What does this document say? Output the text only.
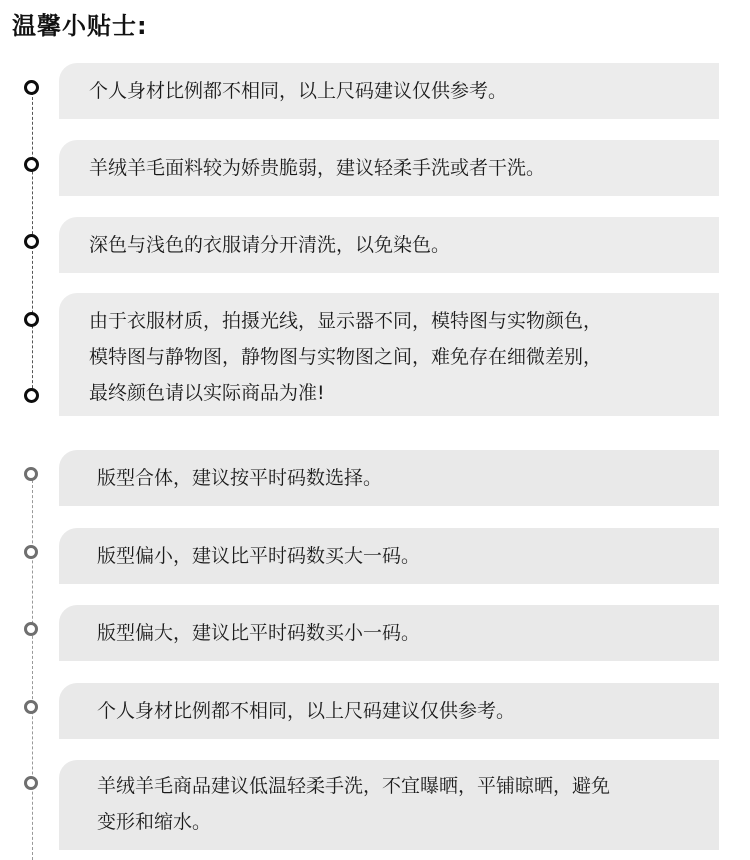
温馨小贴士:
个人身材比例都不相同，以上尺码建议仅供参考。
羊绒羊毛面料较为娇贵脆弱，建议轻柔手洗或者干洗。
深色与浅色的衣服请分开清洗，以免染色。
由于衣服材质，拍摄光线，显示器不同，模特图与实物颜色，
模特图与静物图，静物图与实物图之间，难免存在细微差别，
最终颜色请以实际商品为准!
版型合体，建议按平时码数选择。
版型偏小，建议比平时码数买大一码。
版型偏大，建议比平时码数买小一码。
个人身材比例都不相同，以上尺码建议仅供参考。
羊绒羊毛商品建议低温轻柔手洗，不宜曝晒，平铺晾晒，避免
变形和缩水。
